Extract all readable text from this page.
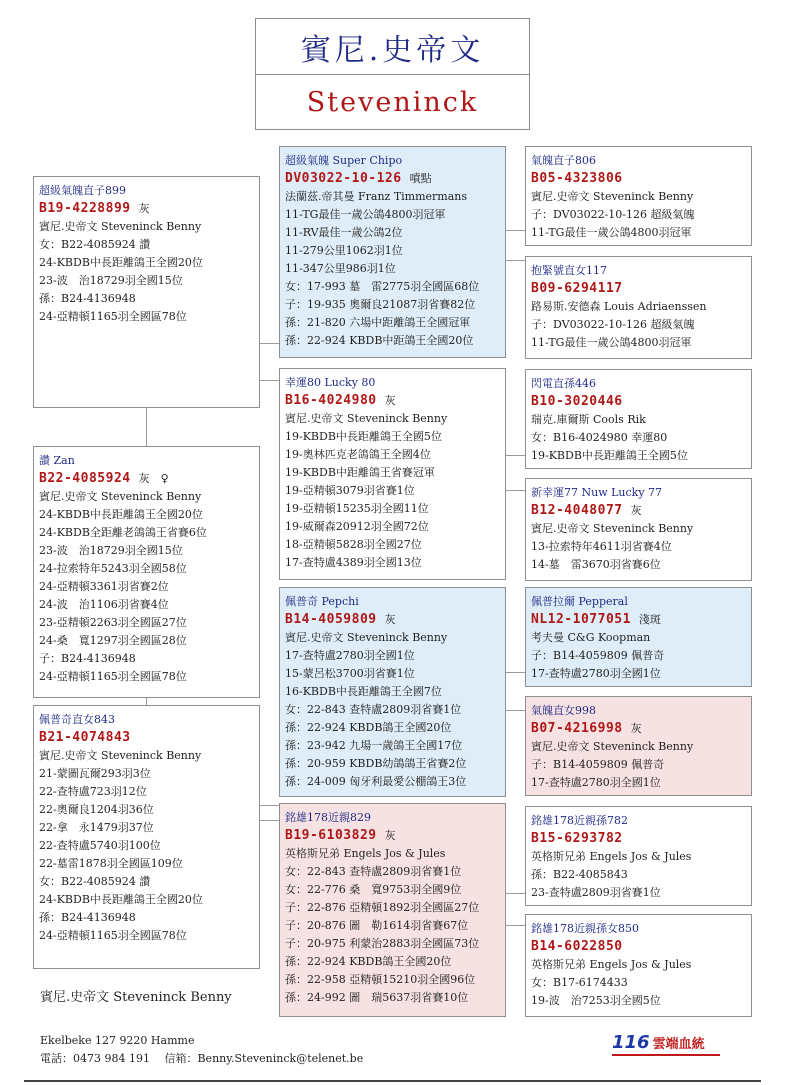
賓尼.史帝文
Steveninck
超級氣魄直子899
B19-4228899 灰
賓尼.史帝文 Steveninck Benny
女：B22-4085924 讚
24-KBDB中長距離鴿王全國20位
23-波　治18729羽全國15位
孫：B24-4136948
24-亞精頓1165羽全國區78位
讚 Zan
B22-4085924 灰　♀
賓尼.史帝文 Steveninck Benny
24-KBDB中長距離鴿王全國20位
24-KBDB全距離老鴿鴿王省賽6位
23-波　治18729羽全國15位
24-拉索特年5243羽全國58位
24-亞精頓3361羽省賽2位
24-波　治1106羽省賽4位
23-亞精頓2263羽全國區27位
24-桑　寬1297羽全國區28位
子：B24-4136948
24-亞精頓1165羽全國區78位
佩普奇直女843
B21-4074843
賓尼.史帝文 Steveninck Benny
21-蒙圖瓦爾293羽3位
22-查特盧723羽12位
22-奧爾良1204羽36位
22-拿　永1479羽37位
22-查特盧5740羽100位
22-墓雷1878羽全國區109位
女：B22-4085924 讚
24-KBDB中長距離鴿王全國20位
孫：B24-4136948
24-亞精頓1165羽全國區78位
超級氣魄 Super Chipo
DV03022-10-126 噴點
法蘭茲.帝其曼 Franz Timmermans
11-TG最佳一歲公鴿4800羽冠軍
11-RV最佳一歲公鴿2位
11-279公里1062羽1位
11-347公里986羽1位
女：17-993 墓　雷2775羽全國區68位
子：19-935 奧爾良21087羽省賽82位
孫：21-820 六場中距離鴿王全國冠軍
孫：22-924 KBDB中距鴿王全國20位
幸運80 Lucky 80
B16-4024980 灰
賓尼.史帝文 Steveninck Benny
19-KBDB中長距離鴿王全國5位
19-奧林匹克老鴿鴿王全國4位
19-KBDB中距離鴿王省賽冠軍
19-亞精頓3079羽省賽1位
19-亞精頓15235羽全國11位
19-威爾森20912羽全國72位
18-亞精頓5828羽全國27位
17-查特盧4389羽全國13位
佩普奇 Pepchi
B14-4059809 灰
賓尼.史帝文 Steveninck Benny
17-查特盧2780羽全國1位
15-蒙呂松3700羽省賽1位
16-KBDB中長距離鴿王全國7位
女：22-843 查特盧2809羽省賽1位
孫：22-924 KBDB鴿王全國20位
孫：23-942 九場一歲鴿王全國17位
孫：20-959 KBDB幼鴿鴿王省賽2位
孫：24-009 匈牙利最愛公棚鴿王3位
銘雄178近親829
B19-6103829 灰
英格斯兄弟 Engels Jos & Jules
女：22-843 查特盧2809羽省賽1位
女：22-776 桑　寬9753羽全國9位
子：22-876 亞精頓1892羽全國區27位
子：20-876 圖　勒1614羽省賽67位
子：20-975 利蒙治2883羽全國區73位
孫：22-924 KBDB鴿王全國20位
孫：22-958 亞精頓15210羽全國96位
孫：24-992 圖　瑞5637羽省賽10位
氣魄直子806
B05-4323806
賓尼.史帝文 Steveninck Benny
子：DV03022-10-126 超級氣魄
11-TG最佳一歲公鴿4800羽冠軍
抱緊號直女117
B09-6294117
路易斯.安德森 Louis Adriaenssen
子：DV03022-10-126 超級氣魄
11-TG最佳一歲公鴿4800羽冠軍
閃電直孫446
B10-3020446
瑞克.庫爾斯 Cools Rik
女：B16-4024980 幸運80
19-KBDB中長距離鴿王全國5位
新幸運77 Nuw Lucky 77
B12-4048077 灰
賓尼.史帝文 Steveninck Benny
13-拉索特年4611羽省賽4位
14-墓　雷3670羽省賽6位
佩普拉爾 Pepperal
NL12-1077051 淺斑
考夫曼 C&G Koopman
子：B14-4059809 佩普奇
17-查特盧2780羽全國1位
氣魄直女998
B07-4216998 灰
賓尼.史帝文 Steveninck Benny
子：B14-4059809 佩普奇
17-查特盧2780羽全國1位
銘雄178近親孫782
B15-6293782
英格斯兄弟 Engels Jos & Jules
孫：B22-4085843
23-查特盧2809羽省賽1位
銘雄178近親孫女850
B14-6022850
英格斯兄弟 Engels Jos & Jules
女：B17-6174433
19-波　治7253羽全國5位
賓尼.史帝文 Steveninck Benny
Ekelbeke 127 9220 Hamme
電話：0473 984 191　 信箱：Benny.Steveninck@telenet.be
116 雲端血統
